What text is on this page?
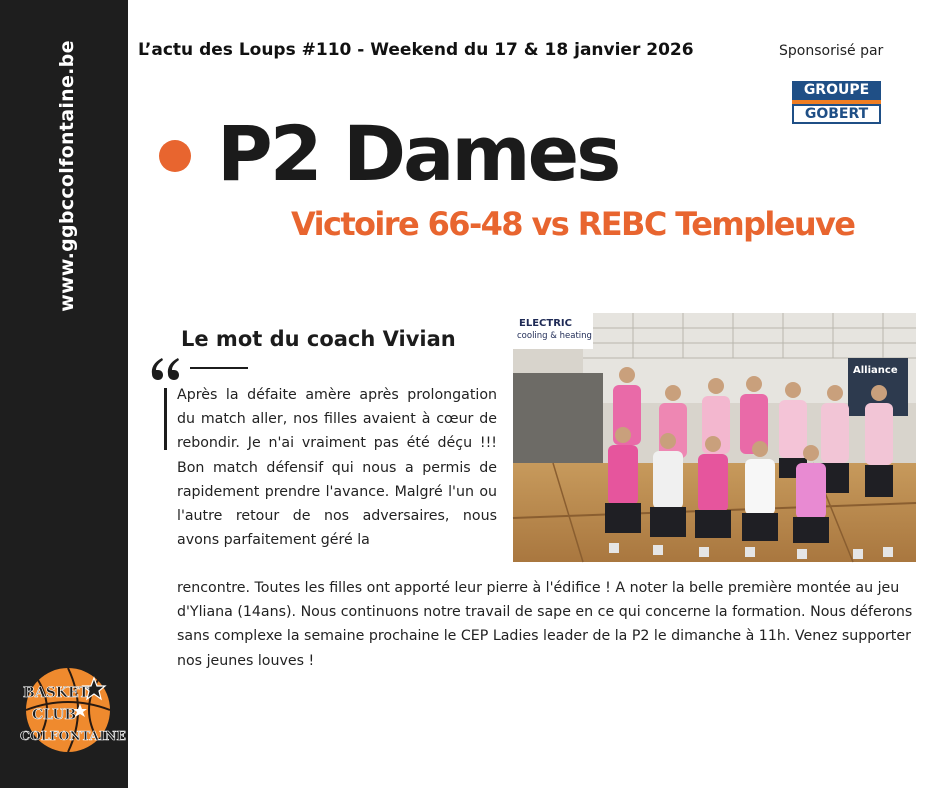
www.ggbccolfontaine.be
BASKET
CLUB
COLFONTAINE
L’actu des Loups #110 - Weekend du 17 & 18 janvier 2026	Sponsorisé par
GROUPE
GOBERT
P2 Dames
Victoire 66-48 vs REBC Templeuve
Le mot du coach Vivian
Après la défaite amère après prolongation du match aller, nos filles avaient à cœur de rebondir. Je n'ai vraiment pas été déçu !!! Bon match défensif qui nous a permis de rapidement prendre l'avance. Malgré l'un ou l'autre retour de nos adversaires, nous avons parfaitement géré la
rencontre. Toutes les filles ont apporté leur pierre à l'édifice ! A noter la belle première montée au jeu d'Yliana (14ans). Nous continuons notre travail de sape en ce qui concerne la formation. Nous déferons sans complexe la semaine prochaine le CEP Ladies leader de la P2 le dimanche à 11h. Venez supporter nos jeunes louves !
ELECTRIC
cooling & heating
Alliance
